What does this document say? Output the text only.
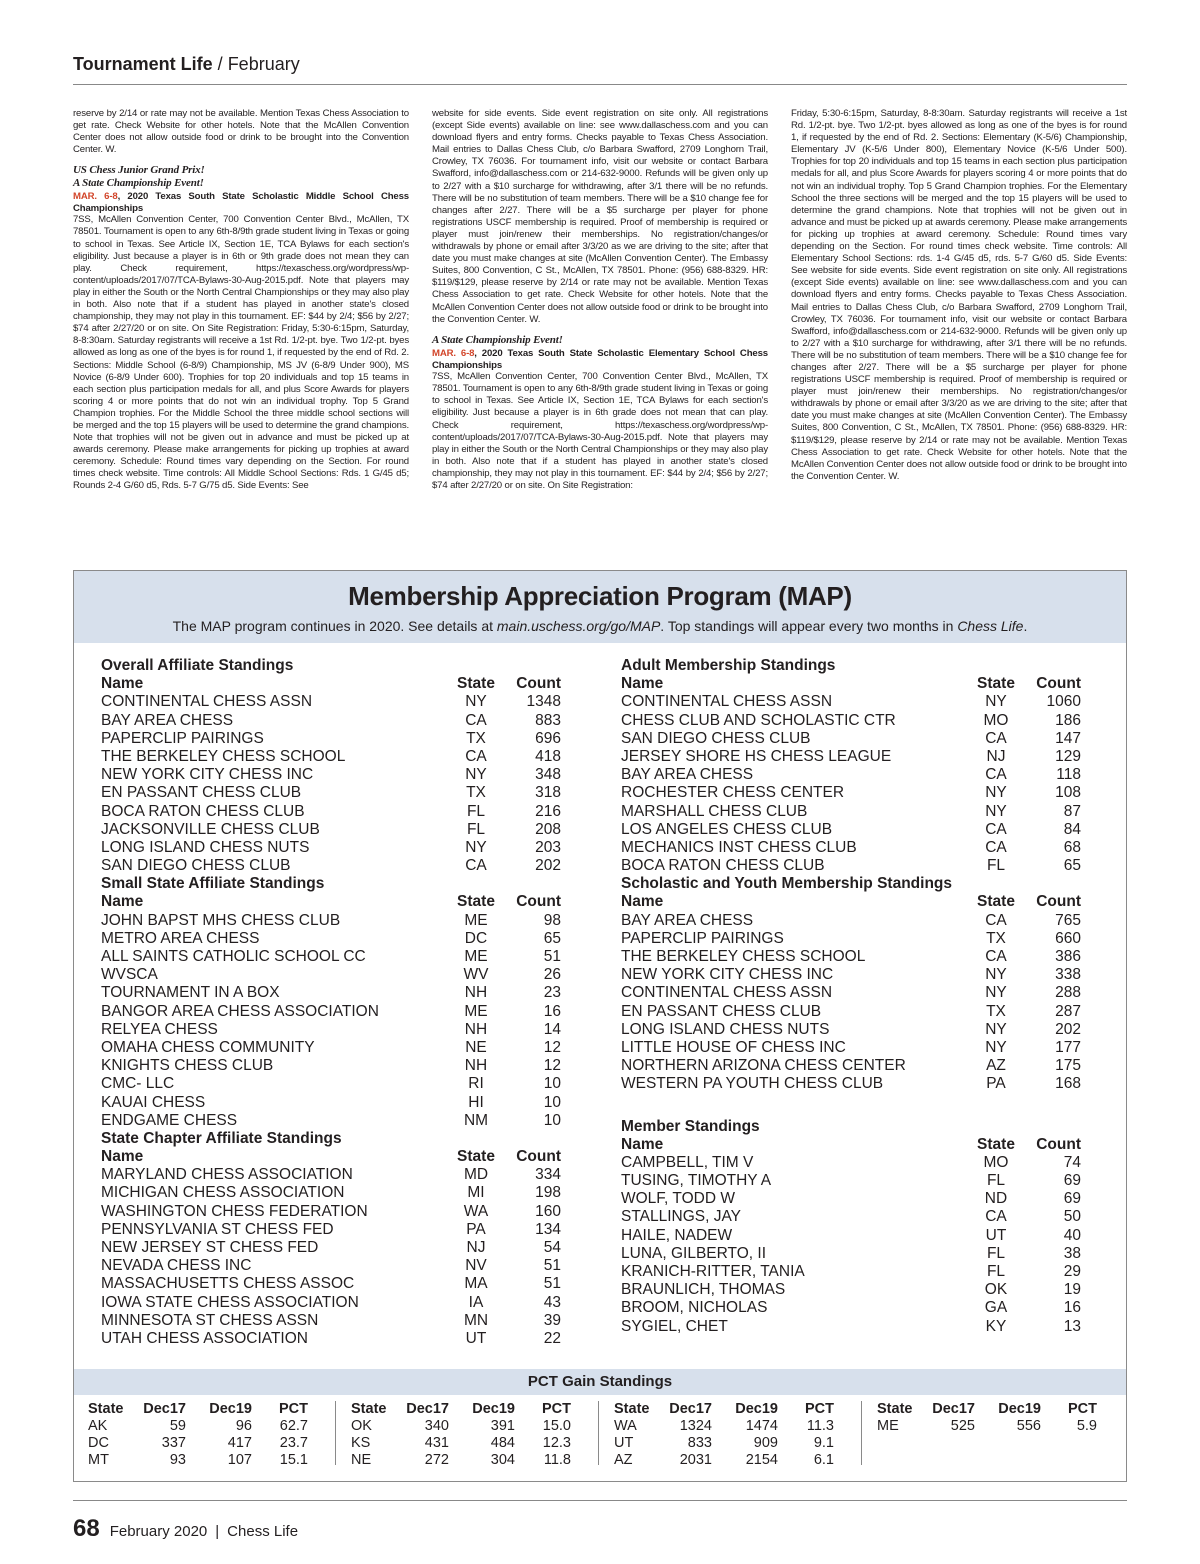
Tournament Life / February

reserve by 2/14 or rate may not be available. Mention Texas Chess Association to get rate. Check Website for other hotels. Note that the McAllen Convention Center does not allow outside food or drink to be brought into the Convention Center. W.

US Chess Junior Grand Prix!
A State Championship Event!
MAR. 6-8, 2020 Texas South State Scholastic Middle School Chess Championships

7SS, McAllen Convention Center, 700 Convention Center Blvd., McAllen, TX 78501. Tournament is open to any 6th-8/9th grade student living in Texas or going to school in Texas. See Article IX, Section 1E, TCA Bylaws for each section's eligibility. Just because a player is in 6th or 9th grade does not mean they can play. Check requirement, https://texaschess.org/wordpress/wp-content/uploads/2017/07/TCA-Bylaws-30-Aug-2015.pdf. Note that players may play in either the South or the North Central Championships or they may also play in both. Also note that if a student has played in another state's closed championship, they may not play in this tournament. EF: $44 by 2/4; $56 by 2/27; $74 after 2/27/20 or on site. On Site Registration: Friday, 5:30-6:15pm, Saturday, 8-8:30am. Saturday registrants will receive a 1st Rd. 1/2-pt. bye. Two 1/2-pt. byes allowed as long as one of the byes is for round 1, if requested by the end of Rd. 2. Sections: Middle School (6-8/9) Championship, MS JV (6-8/9 Under 900), MS Novice (6-8/9 Under 600). Trophies for top 20 individuals and top 15 teams in each section plus participation medals for all, and plus Score Awards for players scoring 4 or more points that do not win an individual trophy. Top 5 Grand Champion trophies. For the Middle School the three middle school sections will be merged and the top 15 players will be used to determine the grand champions. Note that trophies will not be given out in advance and must be picked up at awards ceremony. Please make arrangements for picking up trophies at award ceremony. Schedule: Round times vary depending on the Section. For round times check website. Time controls: All Middle School Sections: Rds. 1 G/45 d5; Rounds 2-4 G/60 d5, Rds. 5-7 G/75 d5. Side Events: See

website for side events. Side event registration on site only. All registrations (except Side events) available on line: see www.dallaschess.com and you can download flyers and entry forms. Checks payable to Texas Chess Association. Mail entries to Dallas Chess Club, c/o Barbara Swafford, 2709 Longhorn Trail, Crowley, TX 76036. For tournament info, visit our website or contact Barbara Swafford, info@dallaschess.com or 214-632-9000. Refunds will be given only up to 2/27 with a $10 surcharge for withdrawing, after 3/1 there will be no refunds. There will be no substitution of team members. There will be a $10 change fee for changes after 2/27. There will be a $5 surcharge per player for phone registrations USCF membership is required. Proof of membership is required or player must join/renew their memberships. No registration/changes/or withdrawals by phone or email after 3/3/20 as we are driving to the site; after that date you must make changes at site (McAllen Convention Center). The Embassy Suites, 800 Convention, C St., McAllen, TX 78501. Phone: (956) 688-8329. HR: $119/$129, please reserve by 2/14 or rate may not be available. Mention Texas Chess Association to get rate. Check Website for other hotels. Note that the McAllen Convention Center does not allow outside food or drink to be brought into the Convention Center. W.

A State Championship Event!
MAR. 6-8, 2020 Texas South State Scholastic Elementary School Chess Championships

7SS, McAllen Convention Center, 700 Convention Center Blvd., McAllen, TX 78501. Tournament is open to any 6th-8/9th grade student living in Texas or going to school in Texas. See Article IX, Section 1E, TCA Bylaws for each section's eligibility. Just because a player is in 6th grade does not mean that can play. Check requirement, https://texaschess.org/wordpress/wp-content/uploads/2017/07/TCA-Bylaws-30-Aug-2015.pdf. Note that players may play in either the South or the North Central Championships or they may also play in both. Also note that if a student has played in another state's closed championship, they may not play in this tournament. EF: $44 by 2/4; $56 by 2/27; $74 after 2/27/20 or on site. On Site Registration:

Friday, 5:30-6:15pm, Saturday, 8-8:30am. Saturday registrants will receive a 1st Rd. 1/2-pt. bye. Two 1/2-pt. byes allowed as long as one of the byes is for round 1, if requested by the end of Rd. 2. Sections: Elementary (K-5/6) Championship, Elementary JV (K-5/6 Under 800), Elementary Novice (K-5/6 Under 500). Trophies for top 20 individuals and top 15 teams in each section plus participation medals for all, and plus Score Awards for players scoring 4 or more points that do not win an individual trophy. Top 5 Grand Champion trophies. For the Elementary School the three sections will be merged and the top 15 players will be used to determine the grand champions. Note that trophies will not be given out in advance and must be picked up at awards ceremony. Please make arrangements for picking up trophies at award ceremony. Schedule: Round times vary depending on the Section. For round times check website. Time controls: All Elementary School Sections: rds. 1-4 G/45 d5, rds. 5-7 G/60 d5. Side Events: See website for side events. Side event registration on site only. All registrations (except Side events) available on line: see www.dallaschess.com and you can download flyers and entry forms. Checks payable to Texas Chess Association. Mail entries to Dallas Chess Club, c/o Barbara Swafford, 2709 Longhorn Trail, Crowley, TX 76036. For tournament info, visit our website or contact Barbara Swafford, info@dallaschess.com or 214-632-9000. Refunds will be given only up to 2/27 with a $10 surcharge for withdrawing, after 3/1 there will be no refunds. There will be no substitution of team members. There will be a $10 change fee for changes after 2/27. There will be a $5 surcharge per player for phone registrations USCF membership is required. Proof of membership is required or player must join/renew their memberships. No registration/changes/or withdrawals by phone or email after 3/3/20 as we are driving to the site; after that date you must make changes at site (McAllen Convention Center). The Embassy Suites, 800 Convention, C St., McAllen, TX 78501. Phone: (956) 688-8329. HR: $119/$129, please reserve by 2/14 or rate may not be available. Mention Texas Chess Association to get rate. Check Website for other hotels. Note that the McAllen Convention Center does not allow outside food or drink to be brought into the Convention Center. W.

Membership Appreciation Program (MAP)
The MAP program continues in 2020. See details at main.uschess.org/go/MAP. Top standings will appear every two months in Chess Life.
Overall Affiliate Standings
Name	State	Count
CONTINENTAL CHESS ASSN	NY	1348
BAY AREA CHESS	CA	883
PAPERCLIP PAIRINGS	TX	696
THE BERKELEY CHESS SCHOOL	CA	418
NEW YORK CITY CHESS INC	NY	348
EN PASSANT CHESS CLUB	TX	318
BOCA RATON CHESS CLUB	FL	216
JACKSONVILLE CHESS CLUB	FL	208
LONG ISLAND CHESS NUTS	NY	203
SAN DIEGO CHESS CLUB	CA	202
Small State Affiliate Standings
Name	State	Count
JOHN BAPST MHS CHESS CLUB	ME	98
METRO AREA CHESS	DC	65
ALL SAINTS CATHOLIC SCHOOL CC	ME	51
WVSCA	WV	26
TOURNAMENT IN A BOX	NH	23
BANGOR AREA CHESS ASSOCIATION	ME	16
RELYEA CHESS	NH	14
OMAHA CHESS COMMUNITY	NE	12
KNIGHTS CHESS CLUB	NH	12
CMC- LLC	RI	10
KAUAI CHESS	HI	10
ENDGAME CHESS	NM	10
State Chapter Affiliate Standings
Name	State	Count
MARYLAND CHESS ASSOCIATION	MD	334
MICHIGAN CHESS ASSOCIATION	MI	198
WASHINGTON CHESS FEDERATION	WA	160
PENNSYLVANIA ST CHESS FED	PA	134
NEW JERSEY ST CHESS FED	NJ	54
NEVADA CHESS INC	NV	51
MASSACHUSETTS CHESS ASSOC	MA	51
IOWA STATE CHESS ASSOCIATION	IA	43
MINNESOTA ST CHESS ASSN	MN	39
UTAH CHESS ASSOCIATION	UT	22
Adult Membership Standings
Name	State	Count
CONTINENTAL CHESS ASSN	NY	1060
CHESS CLUB AND SCHOLASTIC CTR	MO	186
SAN DIEGO CHESS CLUB	CA	147
JERSEY SHORE HS CHESS LEAGUE	NJ	129
BAY AREA CHESS	CA	118
ROCHESTER CHESS CENTER	NY	108
MARSHALL CHESS CLUB	NY	87
LOS ANGELES CHESS CLUB	CA	84
MECHANICS INST CHESS CLUB	CA	68
BOCA RATON CHESS CLUB	FL	65
Scholastic and Youth Membership Standings
Name	State	Count
BAY AREA CHESS	CA	765
PAPERCLIP PAIRINGS	TX	660
THE BERKELEY CHESS SCHOOL	CA	386
NEW YORK CITY CHESS INC	NY	338
CONTINENTAL CHESS ASSN	NY	288
EN PASSANT CHESS CLUB	TX	287
LONG ISLAND CHESS NUTS	NY	202
LITTLE HOUSE OF CHESS INC	NY	177
NORTHERN ARIZONA CHESS CENTER	AZ	175
WESTERN PA YOUTH CHESS CLUB	PA	168
Member Standings
Name	State	Count
CAMPBELL, TIM V	MO	74
TUSING, TIMOTHY A	FL	69
WOLF, TODD W	ND	69
STALLINGS, JAY	CA	50
HAILE, NADEW	UT	40
LUNA, GILBERTO, II	FL	38
KRANICH-RITTER, TANIA	FL	29
BRAUNLICH, THOMAS	OK	19
BROOM, NICHOLAS	GA	16
SYGIEL, CHET	KY	13
PCT Gain Standings
State	Dec17	Dec19	PCT
AK	59	96	62.7
DC	337	417	23.7
MT	93	107	15.1
State	Dec17	Dec19	PCT
OK	340	391	15.0
KS	431	484	12.3
NE	272	304	11.8
State	Dec17	Dec19	PCT
WA	1324	1474	11.3
UT	833	909	9.1
AZ	2031	2154	6.1
State	Dec17	Dec19	PCT
ME	525	556	5.9
68 February 2020 | Chess Life
